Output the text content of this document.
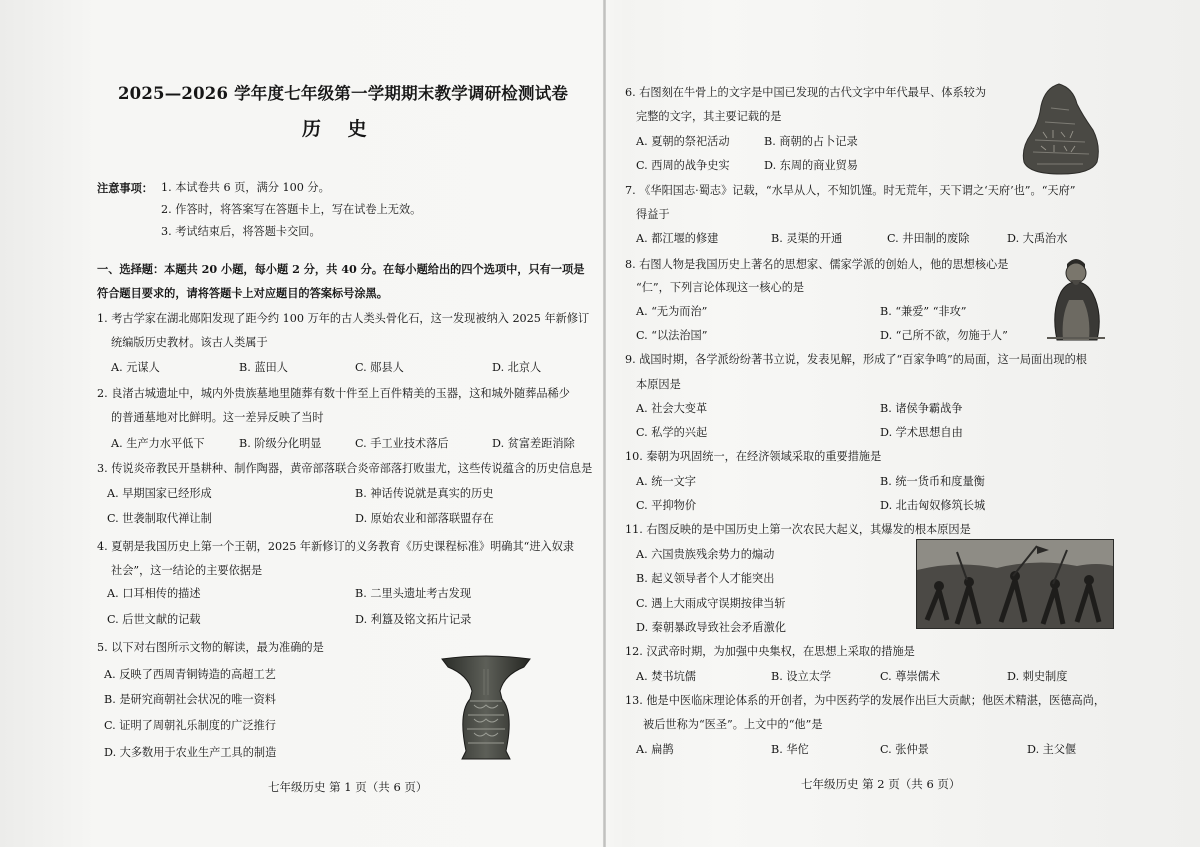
2025—2026 学年度七年级第一学期期末教学调研检测试卷
历 史
注意事项： 1. 本试卷共 6 页，满分 100 分。
2. 作答时，将答案写在答题卡上，写在试卷上无效。
3. 考试结束后，将答题卡交回。
一、选择题：本题共 20 小题，每小题 2 分，共 40 分。在每小题给出的四个选项中，只有一项是
符合题目要求的，请将答题卡上对应题目的答案标号涂黑。
1. 考古学家在湖北郧阳发现了距今约 100 万年的古人类头骨化石，这一发现被纳入 2025 年新修订
统编版历史教材。该古人类属于
A. 元谋人	B. 蓝田人	C. 郧县人	D. 北京人
2. 良渚古城遗址中，城内外贵族墓地里随葬有数十件至上百件精美的玉器，这和城外随葬品稀少
的普通墓地对比鲜明。这一差异反映了当时
A. 生产力水平低下	B. 阶级分化明显	C. 手工业技术落后	D. 贫富差距消除
3. 传说炎帝教民开垦耕种、制作陶器，黄帝部落联合炎帝部落打败蚩尤，这些传说蕴含的历史信息是
A. 早期国家已经形成	B. 神话传说就是真实的历史
C. 世袭制取代禅让制	D. 原始农业和部落联盟存在
4. 夏朝是我国历史上第一个王朝，2025 年新修订的义务教育《历史课程标准》明确其“进入奴隶
社会”，这一结论的主要依据是
A. 口耳相传的描述	B. 二里头遗址考古发现
C. 后世文献的记载	D. 利簋及铭文拓片记录
5. 以下对右图所示文物的解读，最为准确的是
A. 反映了西周青铜铸造的高超工艺
B. 是研究商朝社会状况的唯一资料
C. 证明了周朝礼乐制度的广泛推行
D. 大多数用于农业生产工具的制造
七年级历史 第 1 页（共 6 页）
6. 右图刻在牛骨上的文字是中国已发现的古代文字中年代最早、体系较为
完整的文字，其主要记载的是
A. 夏朝的祭祀活动	B. 商朝的占卜记录
C. 西周的战争史实	D. 东周的商业贸易
7. 《华阳国志·蜀志》记载，“水旱从人，不知饥馑。时无荒年，天下谓之‘天府’也”。“天府”
得益于
A. 都江堰的修建	B. 灵渠的开通	C. 井田制的废除	D. 大禹治水
8. 右图人物是我国历史上著名的思想家、儒家学派的创始人，他的思想核心是
“仁”，下列言论体现这一核心的是
A. “无为而治”	B. “兼爱” “非攻”
C. “以法治国”	D. “己所不欲，勿施于人”
9. 战国时期，各学派纷纷著书立说，发表见解，形成了“百家争鸣”的局面，这一局面出现的根
本原因是
A. 社会大变革	B. 诸侯争霸战争
C. 私学的兴起	D. 学术思想自由
10. 秦朝为巩固统一，在经济领域采取的重要措施是
A. 统一文字	B. 统一货币和度量衡
C. 平抑物价	D. 北击匈奴修筑长城
11. 右图反映的是中国历史上第一次农民大起义，其爆发的根本原因是
A. 六国贵族残余势力的煽动
B. 起义领导者个人才能突出
C. 遇上大雨成守误期按律当斩
D. 秦朝暴政导致社会矛盾激化
12. 汉武帝时期，为加强中央集权，在思想上采取的措施是
A. 焚书坑儒	B. 设立太学	C. 尊崇儒术	D. 刺史制度
13. 他是中医临床理论体系的开创者，为中医药学的发展作出巨大贡献；他医术精湛，医德高尚，
被后世称为“医圣”。上文中的“他”是
A. 扁鹊	B. 华佗	C. 张仲景	D. 主父偃
七年级历史 第 2 页（共 6 页）
